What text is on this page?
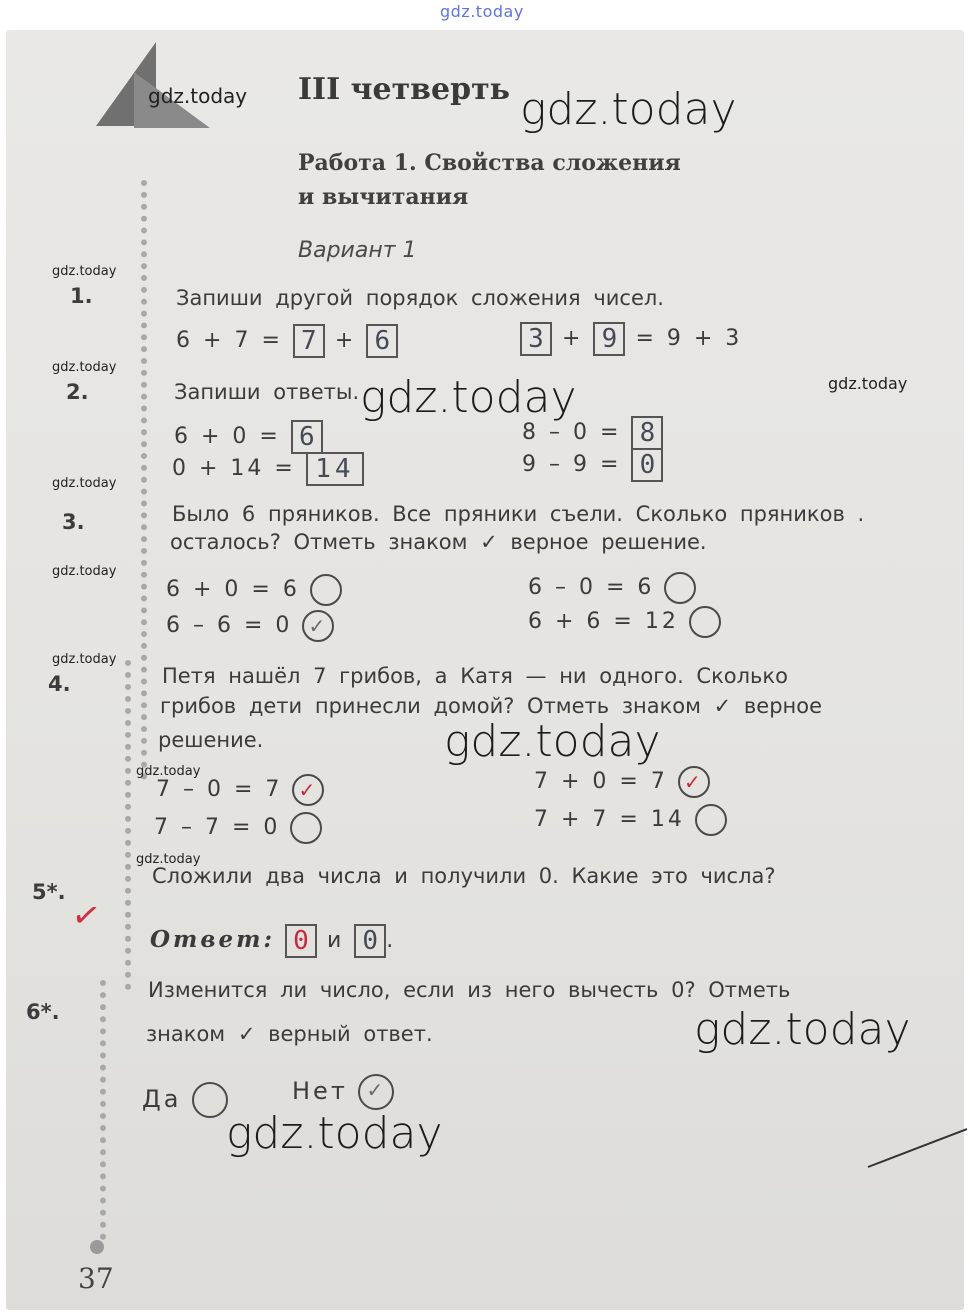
gdz.today
III четверть
Работа 1. Свойства сложения
и вычитания
Вариант 1
1.	Запиши другой порядок сложения чисел.
6 + 7 = 7 + 6	3 + 9 = 9 + 3
2.	Запиши ответы.
6 + 0 = 6
0 + 14 = 14
8 – 0 = 8
9 – 9 = 0
3.	Было 6 пряников. Все пряники съели. Сколько пряников .
осталось? Отметь знаком ✓ верное решение.
6 + 0 = 6
6 – 6 = 0 ✓
6 – 0 = 6
6 + 6 = 12
4.	Петя нашёл 7 грибов, а Катя — ни одного. Сколько
грибов дети принесли домой? Отметь знаком ✓ верное
решение.
7 – 0 = 7 ✓
7 – 7 = 0
7 + 0 = 7 ✓
7 + 7 = 14
5*.
Сложили два числа и получили 0. Какие это числа?
✓
Ответ: 0 и 0 .
6*.
Изменится ли число, если из него вычесть 0? Отметь
знаком ✓ верный ответ.
Да	Нет ✓
37
gdz.today
gdz.today
gdz.today
gdz.today
gdz.today
gdz.today
gdz.today
gdz.today
gdz.today
gdz.today
gdz.today
gdz.today
gdz.today
gdz.today
